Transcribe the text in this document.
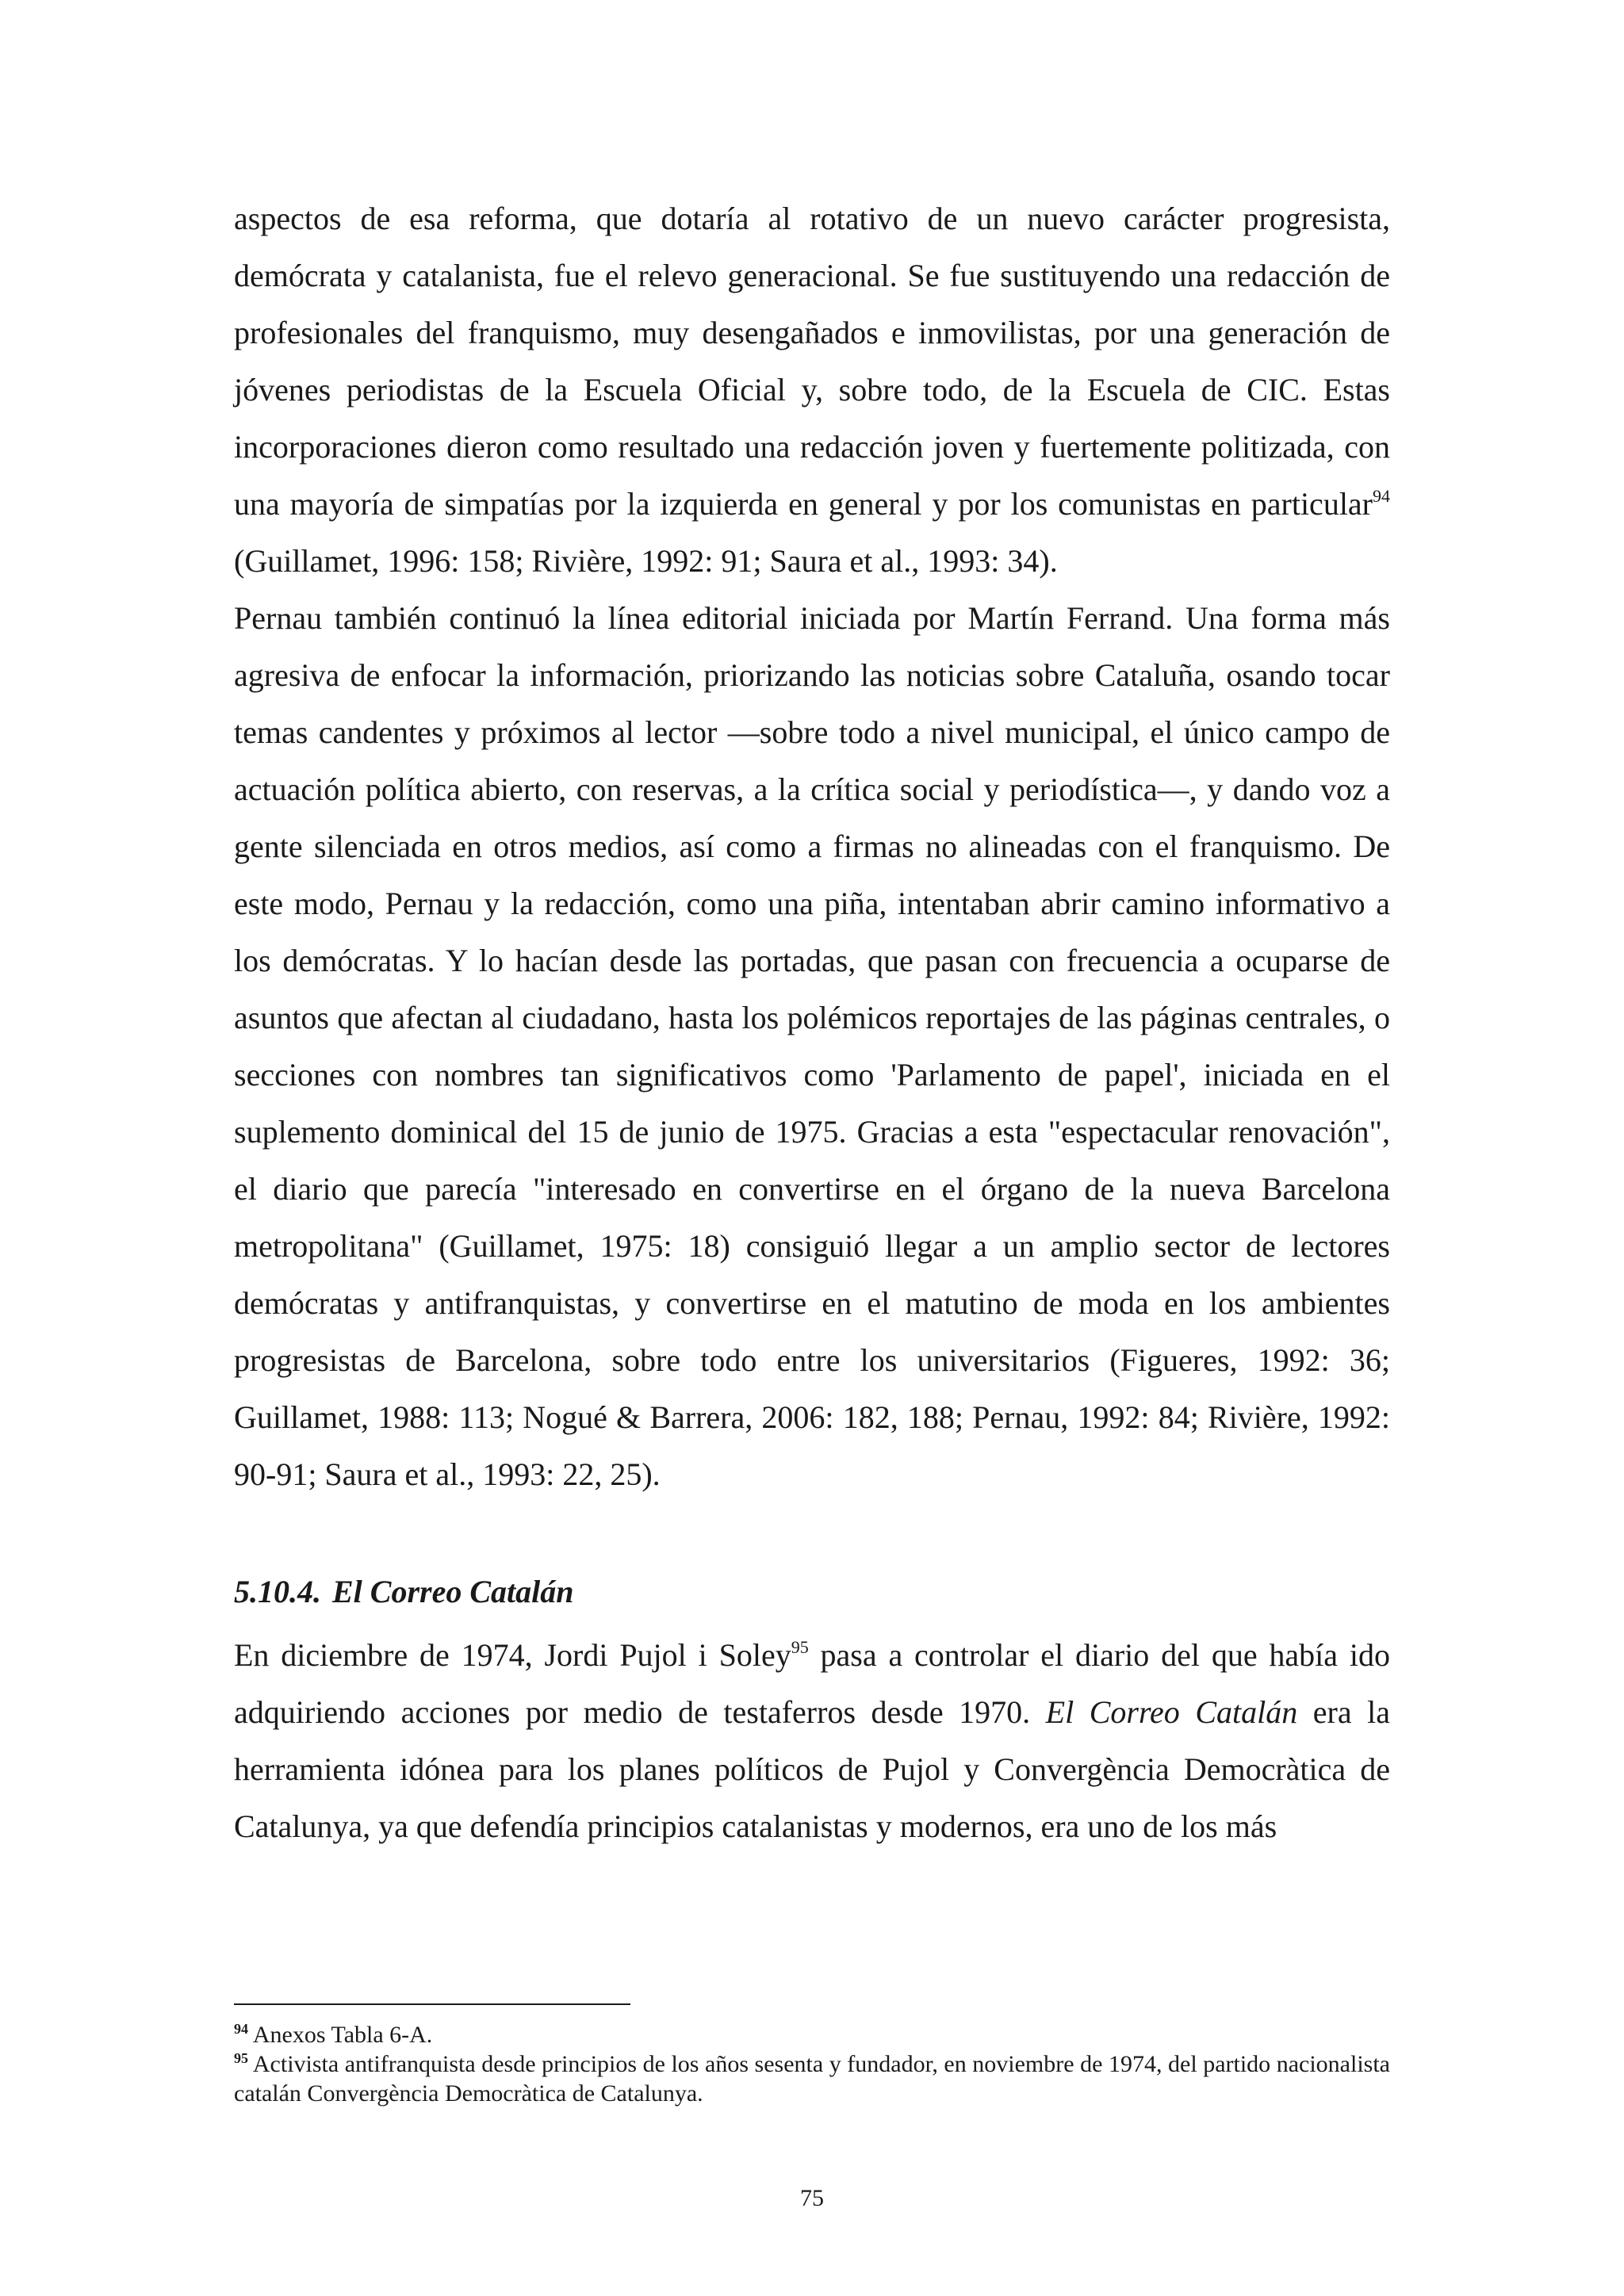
aspectos de esa reforma, que dotaría al rotativo de un nuevo carácter progresista, demócrata y catalanista, fue el relevo generacional. Se fue sustituyendo una redacción de profesionales del franquismo, muy desengañados e inmovilistas, por una generación de jóvenes periodistas de la Escuela Oficial y, sobre todo, de la Escuela de CIC. Estas incorporaciones dieron como resultado una redacción joven y fuertemente politizada, con una mayoría de simpatías por la izquierda en general y por los comunistas en particular$^{94}$ (Guillamet, 1996: 158; Rivière, 1992: 91; Saura et al., 1993: 34).

Pernau también continuó la línea editorial iniciada por Martín Ferrand. Una forma más agresiva de enfocar la información, priorizando las noticias sobre Cataluña, osando tocar temas candentes y próximos al lector —sobre todo a nivel municipal, el único campo de actuación política abierto, con reservas, a la crítica social y periodística—, y dando voz a gente silenciada en otros medios, así como a firmas no alineadas con el franquismo. De este modo, Pernau y la redacción, como una piña, intentaban abrir camino informativo a los demócratas. Y lo hacían desde las portadas, que pasan con frecuencia a ocuparse de asuntos que afectan al ciudadano, hasta los polémicos reportajes de las páginas centrales, o secciones con nombres tan significativos como 'Parlamento de papel', iniciada en el suplemento dominical del 15 de junio de 1975. Gracias a esta "espectacular renovación", el diario que parecía "interesado en convertirse en el órgano de la nueva Barcelona metropolitana" (Guillamet, 1975: 18) consiguió llegar a un amplio sector de lectores demócratas y antifranquistas, y convertirse en el matutino de moda en los ambientes progresistas de Barcelona, sobre todo entre los universitarios (Figueres, 1992: 36; Guillamet, 1988: 113; Nogué & Barrera, 2006: 182, 188; Pernau, 1992: 84; Rivière, 1992: 90-91; Saura et al., 1993: 22, 25).

5.10.4. El Correo Catalán

En diciembre de 1974, Jordi Pujol i Soley$^{95}$ pasa a controlar el diario del que había ido adquiriendo acciones por medio de testaferros desde 1970. El Correo Catalán era la herramienta idónea para los planes políticos de Pujol y Convergència Democràtica de Catalunya, ya que defendía principios catalanistas y modernos, era uno de los más

$^{94}$ Anexos Tabla 6-A.

$^{95}$ Activista antifranquista desde principios de los años sesenta y fundador, en noviembre de 1974, del partido nacionalista catalán Convergència Democràtica de Catalunya.

75
